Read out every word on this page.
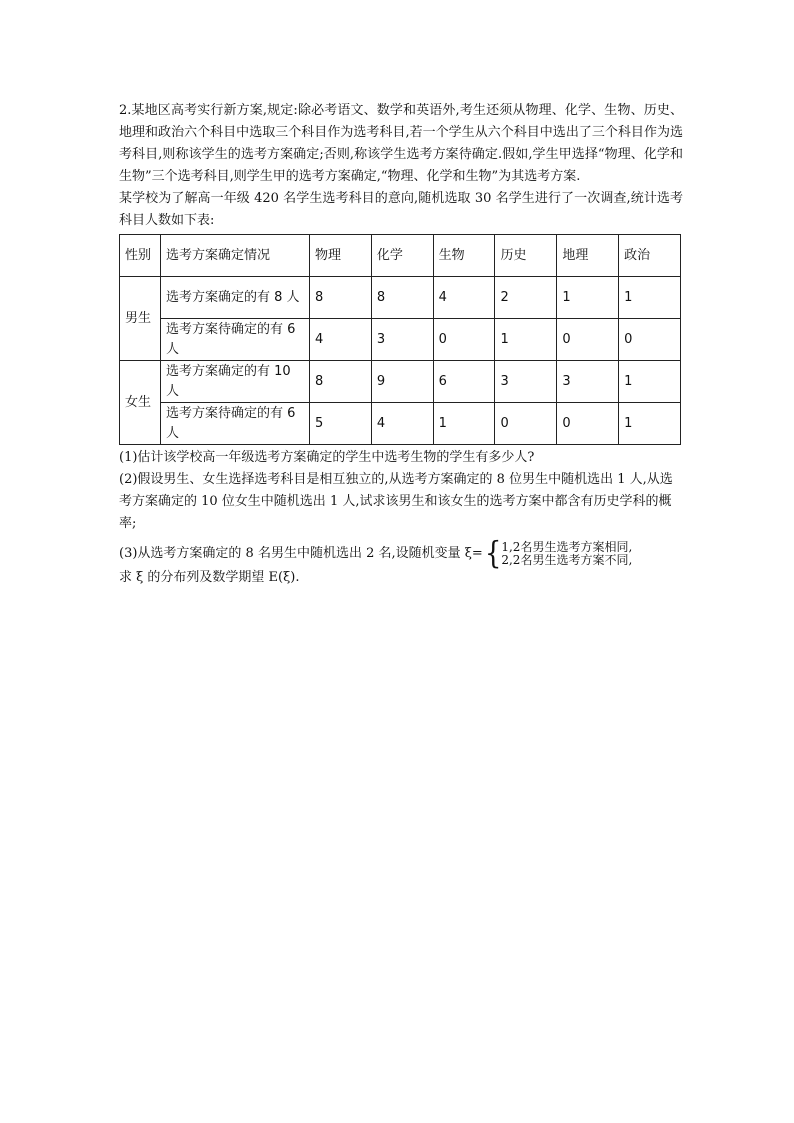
2.某地区高考实行新方案,规定:除必考语文、数学和英语外,考生还须从物理、化学、生物、历史、地理和政治六个科目中选取三个科目作为选考科目,若一个学生从六个科目中选出了三个科目作为选考科目,则称该学生的选考方案确定;否则,称该学生选考方案待确定.假如,学生甲选择“物理、化学和生物”三个选考科目,则学生甲的选考方案确定,“物理、化学和生物”为其选考方案.

某学校为了解高一年级 420 名学生选考科目的意向,随机选取 30 名学生进行了一次调查,统计选考科目人数如下表:

性别	选考方案确定情况	物理	化学	生物	历史	地理	政治
男生	选考方案确定的有 8 人	8	8	4	2	1	1
	选考方案待确定的有 6 人	4	3	0	1	0	0
女生	选考方案确定的有 10 人	8	9	6	3	3	1
	选考方案待确定的有 6 人	5	4	1	0	0	1

(1)估计该学校高一年级选考方案确定的学生中选考生物的学生有多少人?

(2)假设男生、女生选择选考科目是相互独立的,从选考方案确定的 8 位男生中随机选出 1 人,从选考方案确定的 10 位女生中随机选出 1 人,试求该男生和该女生的选考方案中都含有历史学科的概率;

(3)从选考方案确定的 8 名男生中随机选出 2 名,设随机变量 ξ= { 1,2名男生选考方案相同,
2,2名男生选考方案不同,

求 ξ 的分布列及数学期望 E(ξ).
